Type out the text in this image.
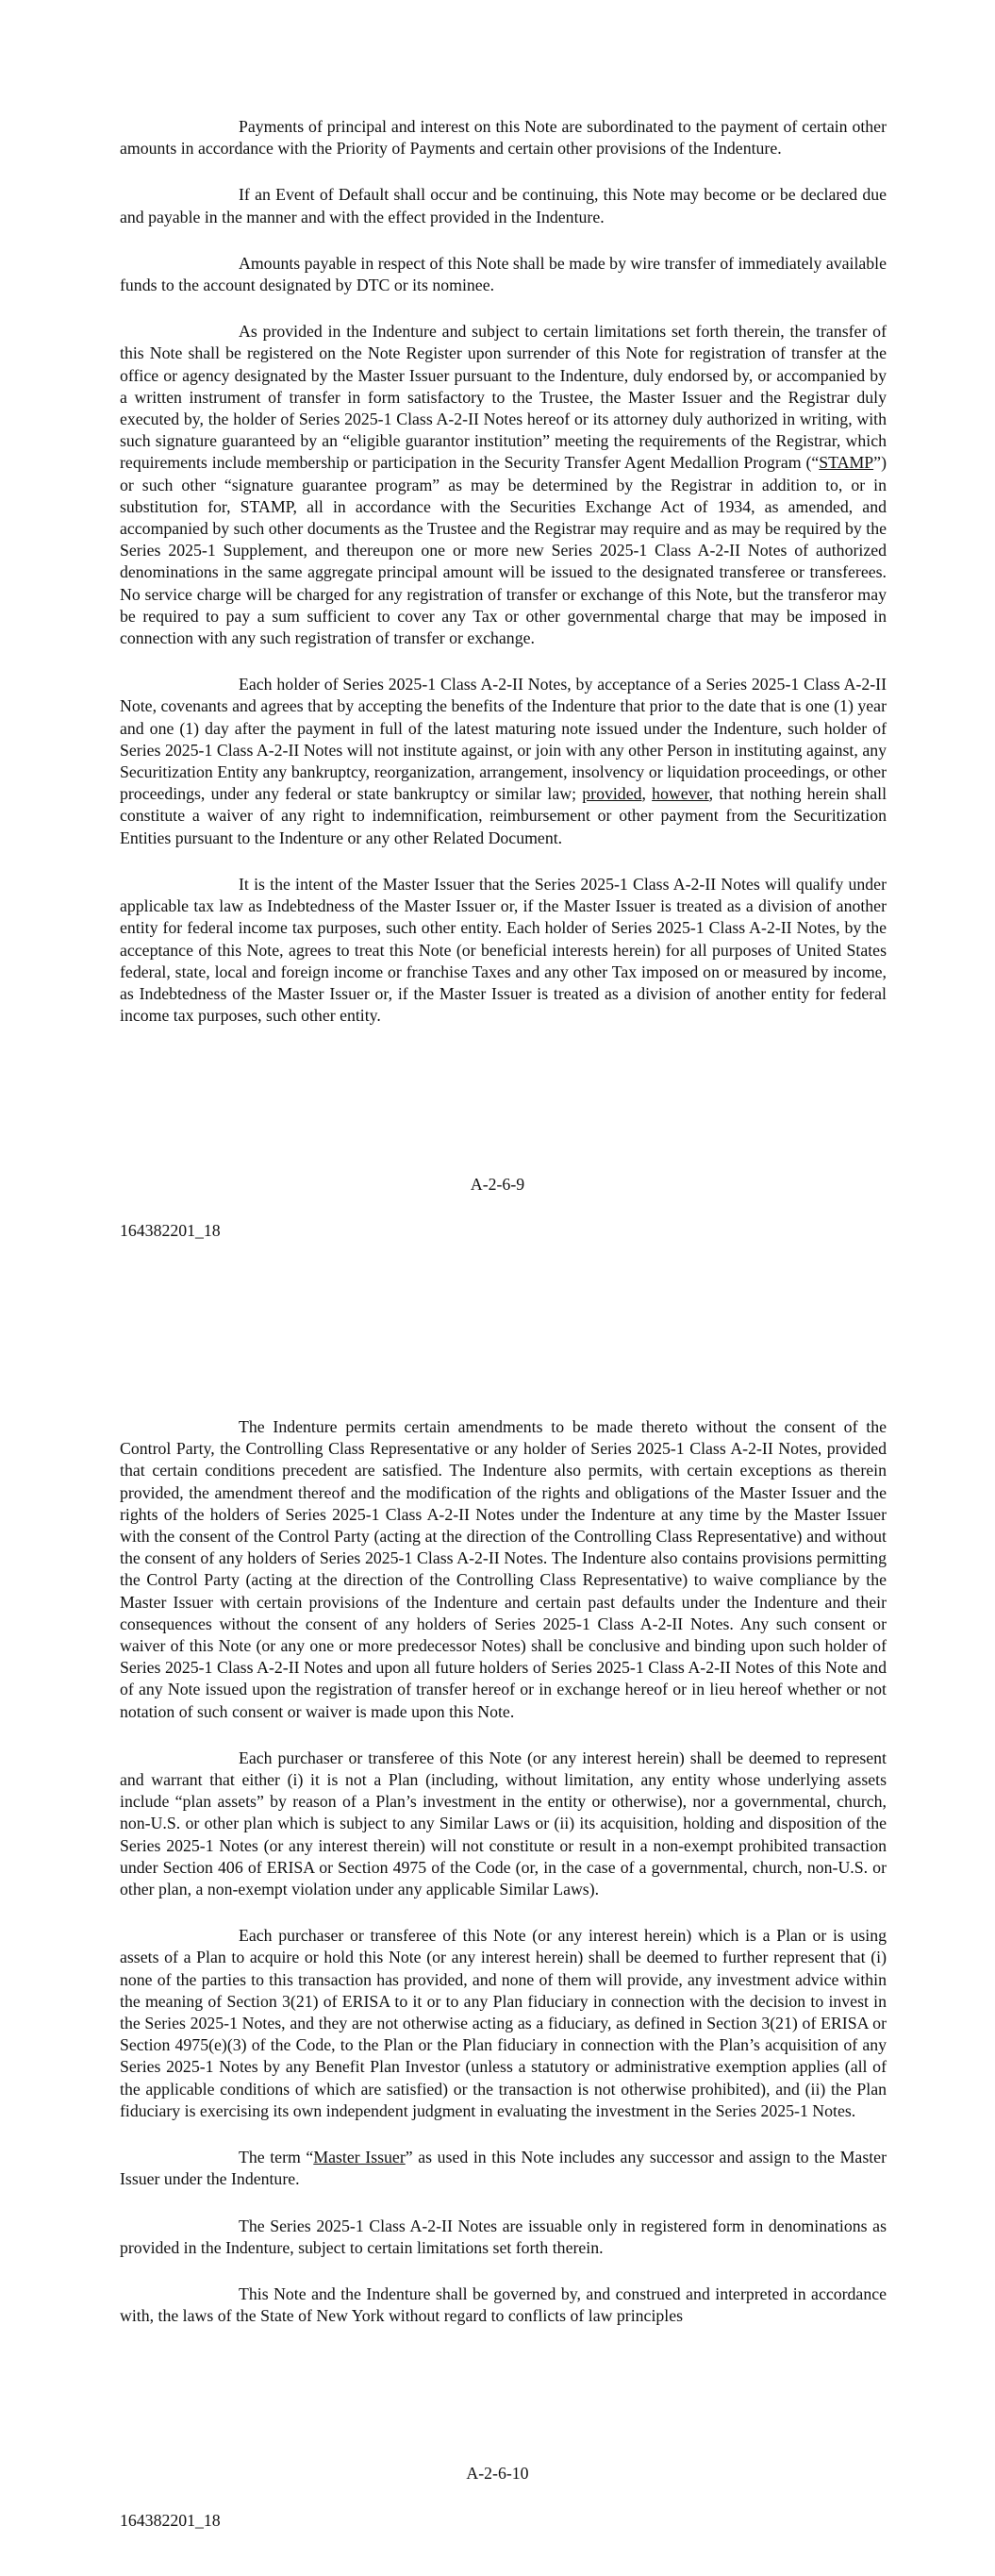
Payments of principal and interest on this Note are subordinated to the payment of certain other amounts in accordance with the Priority of Payments and certain other provisions of the Indenture.

If an Event of Default shall occur and be continuing, this Note may become or be declared due and payable in the manner and with the effect provided in the Indenture.

Amounts payable in respect of this Note shall be made by wire transfer of immediately available funds to the account designated by DTC or its nominee.

As provided in the Indenture and subject to certain limitations set forth therein, the transfer of this Note shall be registered on the Note Register upon surrender of this Note for registration of transfer at the office or agency designated by the Master Issuer pursuant to the Indenture, duly endorsed by, or accompanied by a written instrument of transfer in form satisfactory to the Trustee, the Master Issuer and the Registrar duly executed by, the holder of Series 2025-1 Class A-2-II Notes hereof or its attorney duly authorized in writing, with such signature guaranteed by an “eligible guarantor institution” meeting the requirements of the Registrar, which requirements include membership or participation in the Security Transfer Agent Medallion Program (“STAMP”) or such other “signature guarantee program” as may be determined by the Registrar in addition to, or in substitution for, STAMP, all in accordance with the Securities Exchange Act of 1934, as amended, and accompanied by such other documents as the Trustee and the Registrar may require and as may be required by the Series 2025-1 Supplement, and thereupon one or more new Series 2025-1 Class A-2-II Notes of authorized denominations in the same aggregate principal amount will be issued to the designated transferee or transferees. No service charge will be charged for any registration of transfer or exchange of this Note, but the transferor may be required to pay a sum sufficient to cover any Tax or other governmental charge that may be imposed in connection with any such registration of transfer or exchange.

Each holder of Series 2025-1 Class A-2-II Notes, by acceptance of a Series 2025-1 Class A-2-II Note, covenants and agrees that by accepting the benefits of the Indenture that prior to the date that is one (1) year and one (1) day after the payment in full of the latest maturing note issued under the Indenture, such holder of Series 2025-1 Class A-2-II Notes will not institute against, or join with any other Person in instituting against, any Securitization Entity any bankruptcy, reorganization, arrangement, insolvency or liquidation proceedings, or other proceedings, under any federal or state bankruptcy or similar law; provided, however, that nothing herein shall constitute a waiver of any right to indemnification, reimbursement or other payment from the Securitization Entities pursuant to the Indenture or any other Related Document.

It is the intent of the Master Issuer that the Series 2025-1 Class A-2-II Notes will qualify under applicable tax law as Indebtedness of the Master Issuer or, if the Master Issuer is treated as a division of another entity for federal income tax purposes, such other entity. Each holder of Series 2025-1 Class A-2-II Notes, by the acceptance of this Note, agrees to treat this Note (or beneficial interests herein) for all purposes of United States federal, state, local and foreign income or franchise Taxes and any other Tax imposed on or measured by income, as Indebtedness of the Master Issuer or, if the Master Issuer is treated as a division of another entity for federal income tax purposes, such other entity.

A-2-6-9
164382201_18

The Indenture permits certain amendments to be made thereto without the consent of the Control Party, the Controlling Class Representative or any holder of Series 2025-1 Class A-2-II Notes, provided that certain conditions precedent are satisfied. The Indenture also permits, with certain exceptions as therein provided, the amendment thereof and the modification of the rights and obligations of the Master Issuer and the rights of the holders of Series 2025-1 Class A-2-II Notes under the Indenture at any time by the Master Issuer with the consent of the Control Party (acting at the direction of the Controlling Class Representative) and without the consent of any holders of Series 2025-1 Class A-2-II Notes. The Indenture also contains provisions permitting the Control Party (acting at the direction of the Controlling Class Representative) to waive compliance by the Master Issuer with certain provisions of the Indenture and certain past defaults under the Indenture and their consequences without the consent of any holders of Series 2025-1 Class A-2-II Notes. Any such consent or waiver of this Note (or any one or more predecessor Notes) shall be conclusive and binding upon such holder of Series 2025-1 Class A-2-II Notes and upon all future holders of Series 2025-1 Class A-2-II Notes of this Note and of any Note issued upon the registration of transfer hereof or in exchange hereof or in lieu hereof whether or not notation of such consent or waiver is made upon this Note.

Each purchaser or transferee of this Note (or any interest herein) shall be deemed to represent and warrant that either (i) it is not a Plan (including, without limitation, any entity whose underlying assets include “plan assets” by reason of a Plan’s investment in the entity or otherwise), nor a governmental, church, non-U.S. or other plan which is subject to any Similar Laws or (ii) its acquisition, holding and disposition of the Series 2025-1 Notes (or any interest therein) will not constitute or result in a non-exempt prohibited transaction under Section 406 of ERISA or Section 4975 of the Code (or, in the case of a governmental, church, non-U.S. or other plan, a non-exempt violation under any applicable Similar Laws).

Each purchaser or transferee of this Note (or any interest herein) which is a Plan or is using assets of a Plan to acquire or hold this Note (or any interest herein) shall be deemed to further represent that (i) none of the parties to this transaction has provided, and none of them will provide, any investment advice within the meaning of Section 3(21) of ERISA to it or to any Plan fiduciary in connection with the decision to invest in the Series 2025-1 Notes, and they are not otherwise acting as a fiduciary, as defined in Section 3(21) of ERISA or Section 4975(e)(3) of the Code, to the Plan or the Plan fiduciary in connection with the Plan’s acquisition of any Series 2025-1 Notes by any Benefit Plan Investor (unless a statutory or administrative exemption applies (all of the applicable conditions of which are satisfied) or the transaction is not otherwise prohibited), and (ii) the Plan fiduciary is exercising its own independent judgment in evaluating the investment in the Series 2025-1 Notes.

The term “Master Issuer” as used in this Note includes any successor and assign to the Master Issuer under the Indenture.

The Series 2025-1 Class A-2-II Notes are issuable only in registered form in denominations as provided in the Indenture, subject to certain limitations set forth therein.

This Note and the Indenture shall be governed by, and construed and interpreted in accordance with, the laws of the State of New York without regard to conflicts of law principles

A-2-6-10
164382201_18
